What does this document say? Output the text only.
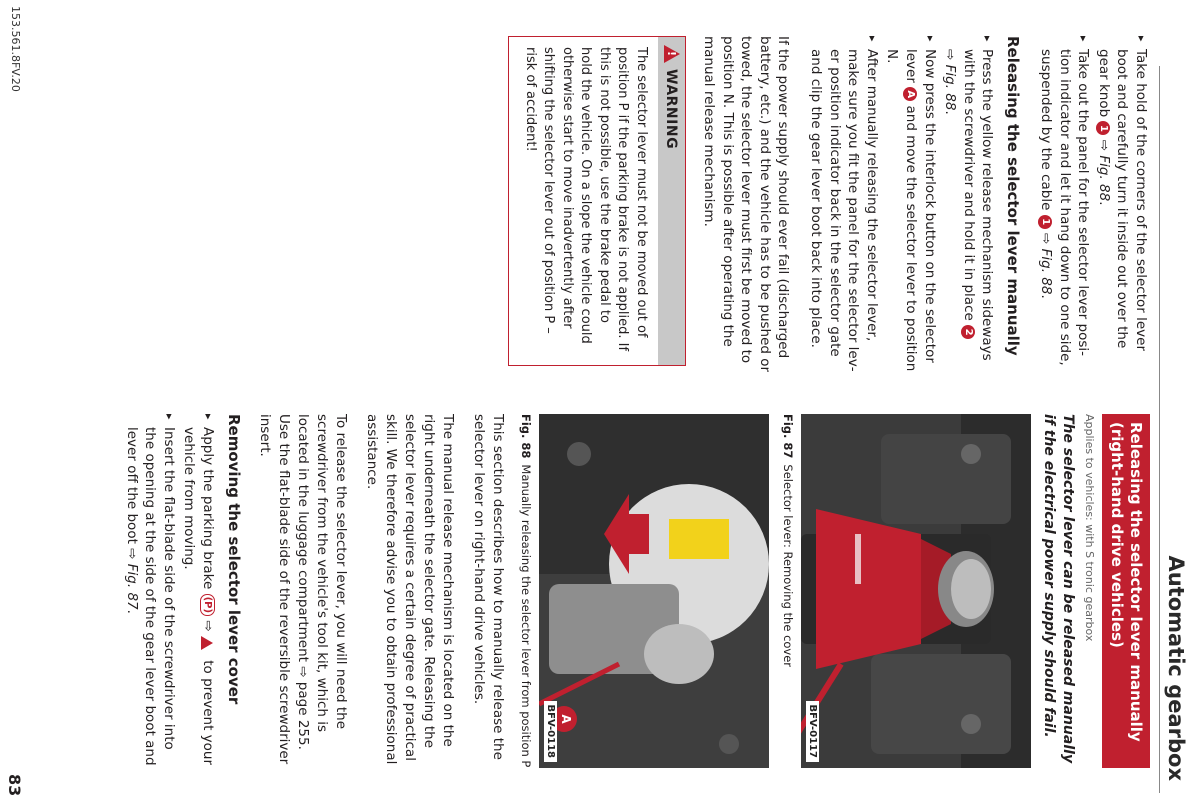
Automatic gearbox
83
153.561.8FV.20
▸ Take hold of the corners of the selector lever boot and carefully turn it inside out over the gear knob 1 ⇨ Fig. 88.
▸ Take out the panel for the selector lever position indicator and let it hang down to one side, suspended by the cable 1 ⇨ Fig. 88.
Releasing the selector lever manually
▸ Press the yellow release mechanism sideways with the screwdriver and hold it in place 2
⇨ Fig. 88.
▸ Now press the interlock button on the selector lever A and move the selector lever to position N.
▸ After manually releasing the selector lever, make sure you fit the panel for the selector lever position indicator back in the selector gate and clip the gear lever boot back into place.

If the power supply should ever fail (discharged battery, etc.) and the vehicle has to be pushed or towed, the selector lever must first be moved to position N. This is possible after operating the manual release mechanism.

!
WARNING
The selector lever must not be moved out of position P if the parking brake is not applied. If this is not possible, use the brake pedal to hold the vehicle. On a slope the vehicle could otherwise start to move inadvertently after shifting the selector lever out of position P – risk of accident!
Releasing the selector lever manually (right-hand drive vehicles)
Applies to vehicles: with S tronic gearbox
The selector lever can be released manually if the electrical power supply should fail.
BFV-0117
Fig. 87Selector lever: Removing the cover
A
BFV-0118
Fig. 88Manually releasing the selector lever from position P

This section describes how to manually release the selector lever on right-hand drive vehicles.

The manual release mechanism is located on the right underneath the selector gate. Releasing the selector lever requires a certain degree of practical skill. We therefore advise you to obtain professional assistance.

To release the selector lever, you will need the screwdriver from the vehicle's tool kit, which is located in the luggage compartment ⇨ page 255. Use the flat-blade side of the reversible screwdriver insert.

Removing the selector lever cover
▸ Apply the parking brake (P) ⇨  to prevent your vehicle from moving.
▸ Insert the flat-blade side of the screwdriver into the opening at the side of the gear lever boot and lever off the boot ⇨ Fig. 87.
